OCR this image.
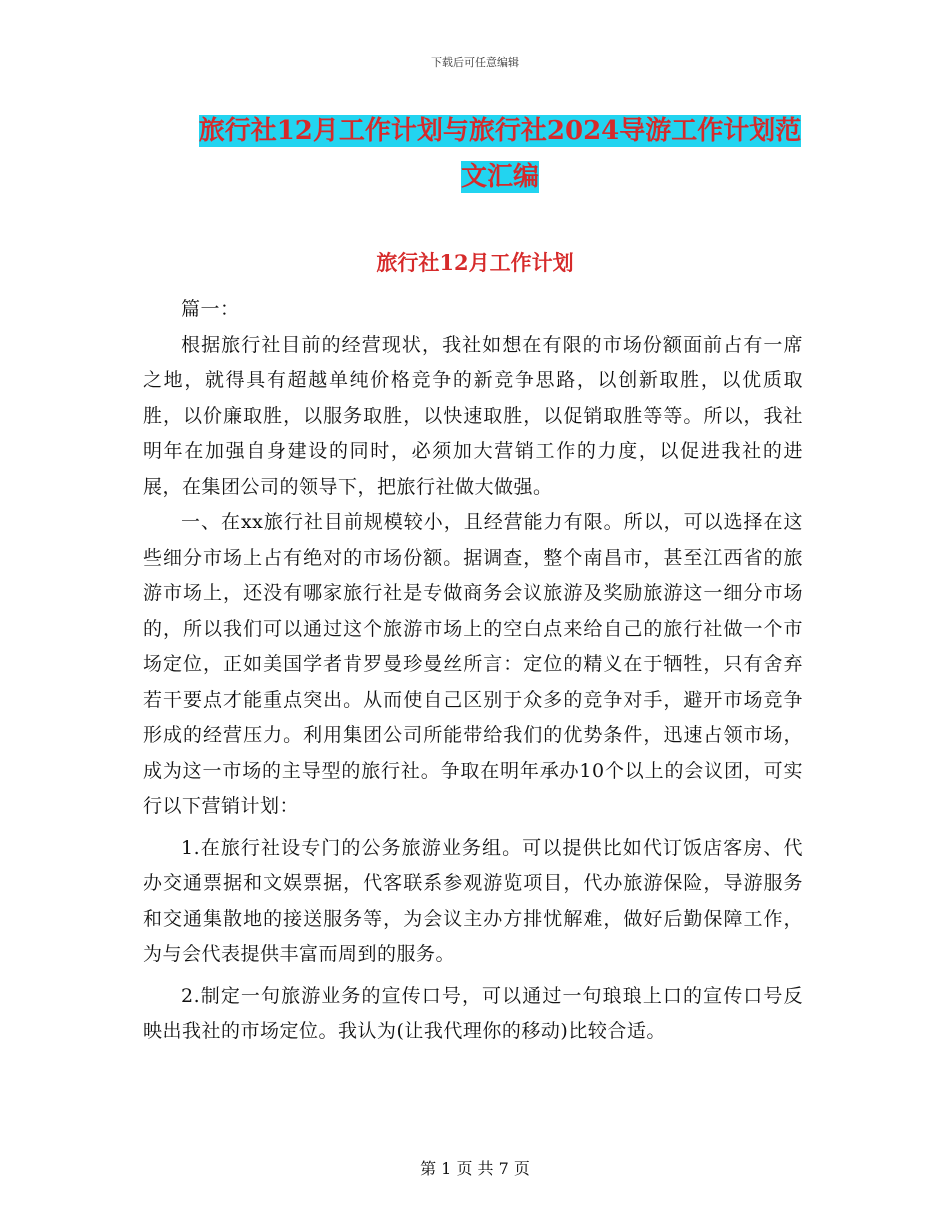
下载后可任意编辑
旅行社12月工作计划与旅行社2024导游工作计划范
文汇编
旅行社12月工作计划

篇一：

根据旅行社目前的经营现状，我社如想在有限的市场份额面前占有一席之地，就得具有超越单纯价格竞争的新竞争思路，以创新取胜，以优质取胜，以价廉取胜，以服务取胜，以快速取胜，以促销取胜等等。所以，我社明年在加强自身建设的同时，必须加大营销工作的力度，以促进我社的进展，在集团公司的领导下，把旅行社做大做强。

一、在xx旅行社目前规模较小，且经营能力有限。所以，可以选择在这些细分市场上占有绝对的市场份额。据调查，整个南昌市，甚至江西省的旅游市场上，还没有哪家旅行社是专做商务会议旅游及奖励旅游这一细分市场的，所以我们可以通过这个旅游市场上的空白点来给自己的旅行社做一个市场定位，正如美国学者肯罗曼珍曼丝所言：定位的精义在于牺牲，只有舍弃若干要点才能重点突出。从而使自己区别于众多的竞争对手，避开市场竞争形成的经营压力。利用集团公司所能带给我们的优势条件，迅速占领市场，成为这一市场的主导型的旅行社。争取在明年承办10个以上的会议团，可实行以下营销计划：

1.在旅行社设专门的公务旅游业务组。可以提供比如代订饭店客房、代办交通票据和文娱票据，代客联系参观游览项目，代办旅游保险，导游服务和交通集散地的接送服务等，为会议主办方排忧解难，做好后勤保障工作，为与会代表提供丰富而周到的服务。

2.制定一句旅游业务的宣传口号，可以通过一句琅琅上口的宣传口号反映出我社的市场定位。我认为(让我代理你的移动)比较合适。

第 1 页 共 7 页
